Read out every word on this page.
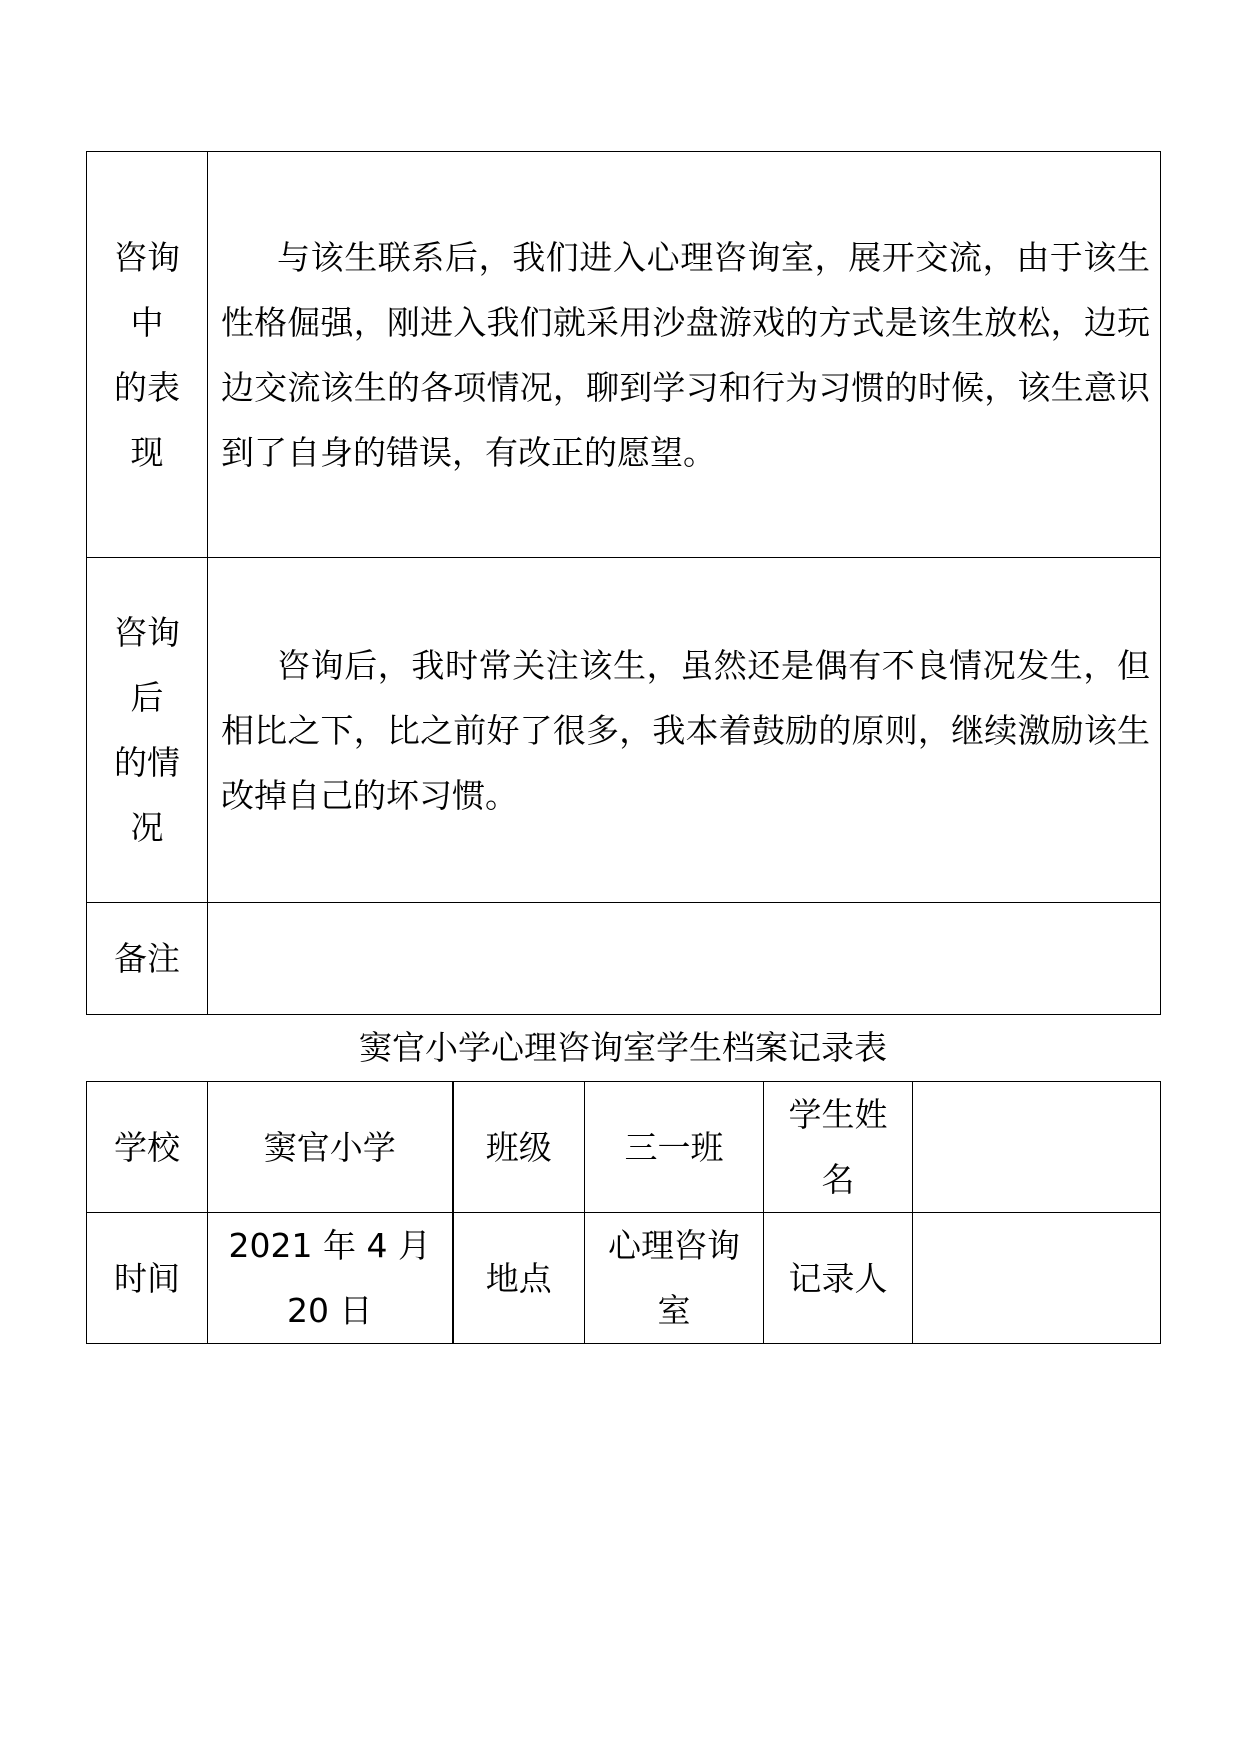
咨询
中
的表
现	与该生联系后，我们进入心理咨询室，展开交流，由于该生性格倔强，刚进入我们就采用沙盘游戏的方式是该生放松，边玩边交流该生的各项情况，聊到学习和行为习惯的时候，该生意识到了自身的错误，有改正的愿望。

咨询
后
的情
况	咨询后，我时常关注该生，虽然还是偶有不良情况发生，但相比之下，比之前好了很多，我本着鼓励的原则，继续激励该生改掉自己的坏习惯。

备注	
窦官小学心理咨询室学生档案记录表
学校	窦官小学	班级	三一班	学生姓名	
时间	2021 年 4 月 20 日	地点	心理咨询室	记录人	
